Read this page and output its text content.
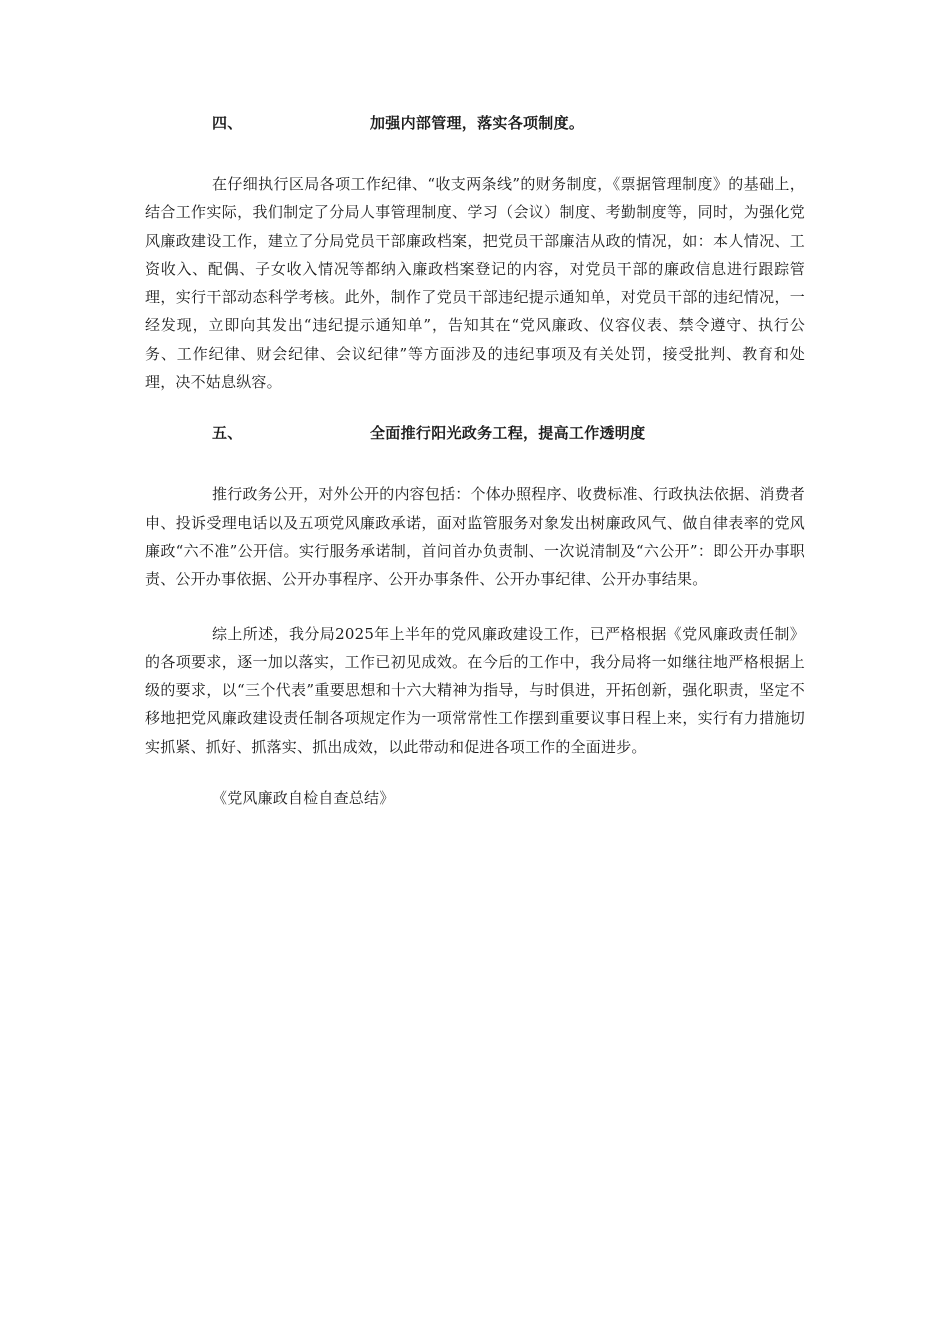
四、	加强内部管理，落实各项制度。

在仔细执行区局各项工作纪律、“收支两条线”的财务制度，《票据管理制度》的基础上，结合工作实际，我们制定了分局人事管理制度、学习（会议）制度、考勤制度等，同时，为强化党风廉政建设工作，建立了分局党员干部廉政档案，把党员干部廉洁从政的情况，如：本人情况、工资收入、配偶、子女收入情况等都纳入廉政档案登记的内容，对党员干部的廉政信息进行跟踪管理，实行干部动态科学考核。此外，制作了党员干部违纪提示通知单，对党员干部的违纪情况，一经发现，立即向其发出“违纪提示通知单”，告知其在“党风廉政、仪容仪表、禁令遵守、执行公务、工作纪律、财会纪律、会议纪律”等方面涉及的违纪事项及有关处罚，接受批判、教育和处理，决不姑息纵容。

五、	全面推行阳光政务工程，提高工作透明度

推行政务公开，对外公开的内容包括：个体办照程序、收费标准、行政执法依据、消费者申、投诉受理电话以及五项党风廉政承诺，面对监管服务对象发出树廉政风气、做自律表率的党风廉政“六不准”公开信。实行服务承诺制，首问首办负责制、一次说清制及“六公开”：即公开办事职责、公开办事依据、公开办事程序、公开办事条件、公开办事纪律、公开办事结果。

综上所述，我分局2025年上半年的党风廉政建设工作，已严格根据《党风廉政责任制》的各项要求，逐一加以落实，工作已初见成效。在今后的工作中，我分局将一如继往地严格根据上级的要求，以“三个代表”重要思想和十六大精神为指导，与时俱进，开拓创新，强化职责，坚定不移地把党风廉政建设责任制各项规定作为一项常常性工作摆到重要议事日程上来，实行有力措施切实抓紧、抓好、抓落实、抓出成效，以此带动和促进各项工作的全面进步。

《党风廉政自检自查总结》
